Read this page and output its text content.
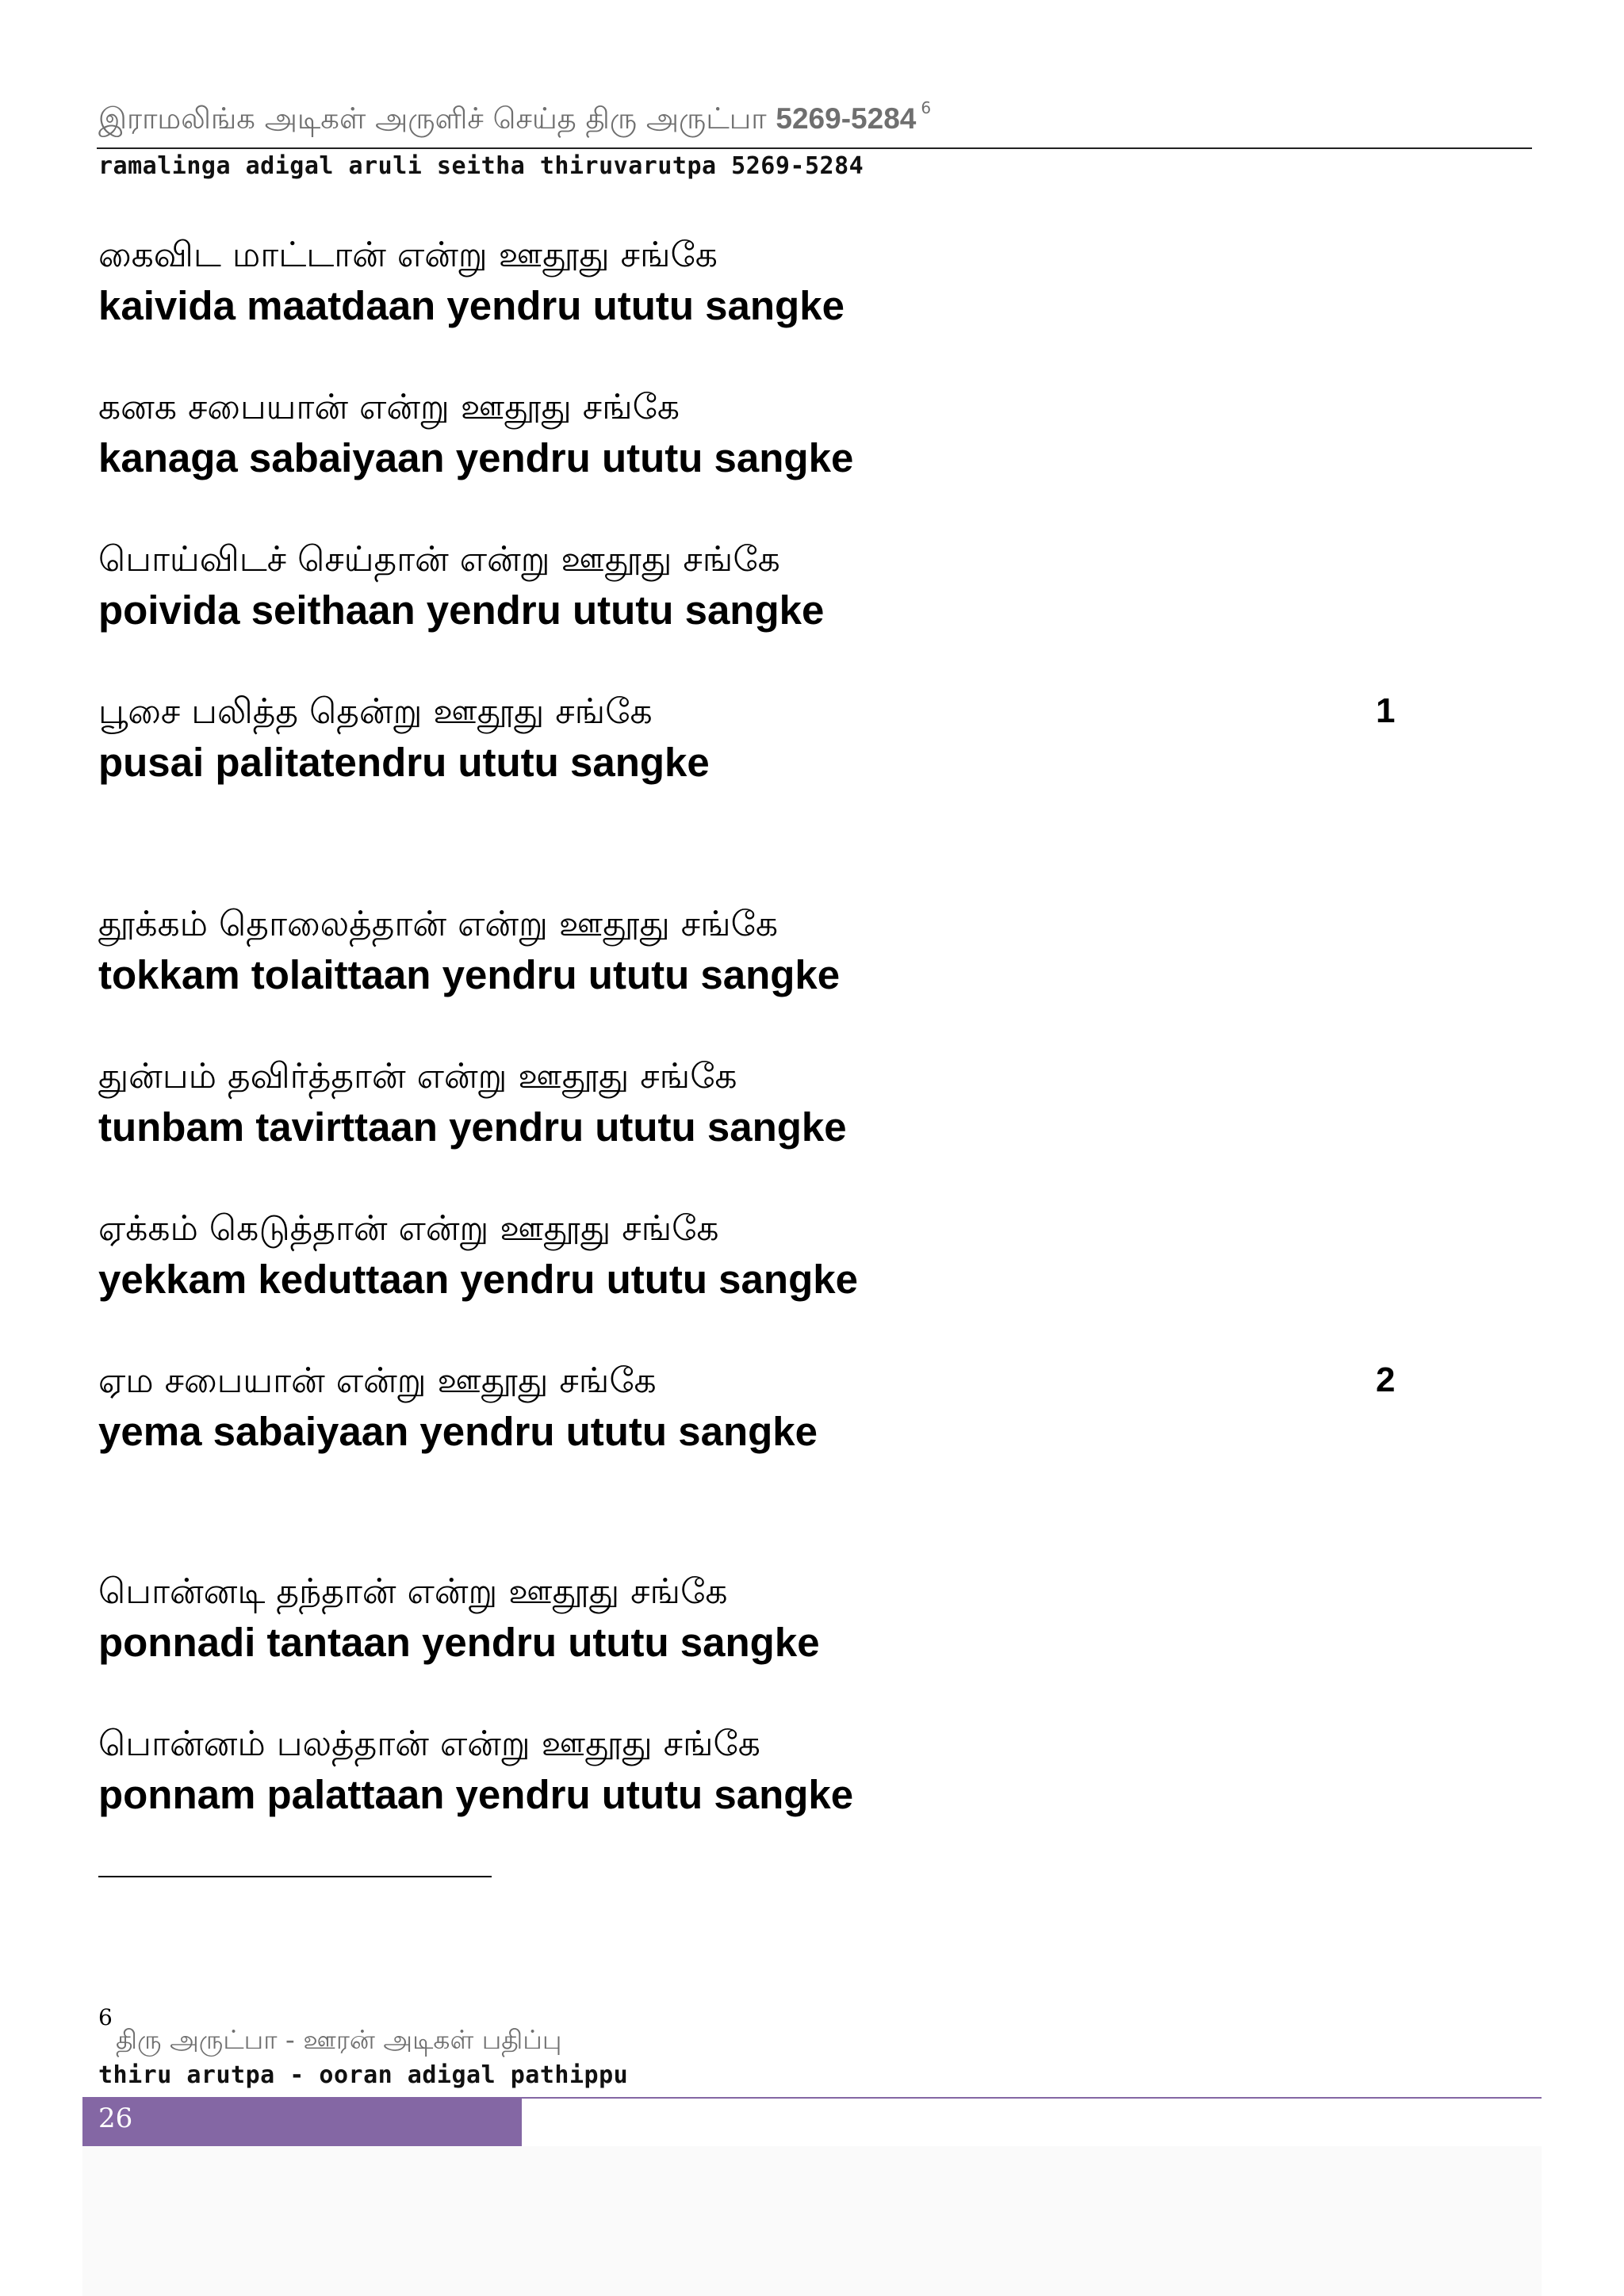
இராமலிங்க அடிகள் அருளிச் செய்த திரு அருட்பா 5269-5284 $^6$
ramalinga adigal aruli seitha thiruvarutpa 5269-5284
கைவிட மாட்டான் என்று ஊதூது சங்கே
kaivida maatdaan yendru ututu sangke
கனக சபையான் என்று ஊதூது சங்கே
kanaga sabaiyaan yendru ututu sangke
பொய்விடச் செய்தான் என்று ஊதூது சங்கே
poivida seithaan yendru ututu sangke
பூசை பலித்த தென்று ஊதூது சங்கே	1
pusai palitatendru ututu sangke
தூக்கம் தொலைத்தான் என்று ஊதூது சங்கே
tokkam tolaittaan yendru ututu sangke
துன்பம் தவிர்த்தான் என்று ஊதூது சங்கே
tunbam tavirttaan yendru ututu sangke
ஏக்கம் கெடுத்தான் என்று ஊதூது சங்கே
yekkam keduttaan yendru ututu sangke
ஏம சபையான் என்று ஊதூது சங்கே	2
yema sabaiyaan yendru ututu sangke
பொன்னடி தந்தான் என்று ஊதூது சங்கே
ponnadi tantaan yendru ututu sangke
பொன்னம் பலத்தான் என்று ஊதூது சங்கே
ponnam palattaan yendru ututu sangke
6
திரு அருட்பா - ஊரன் அடிகள் பதிப்பு
thiru arutpa - ooran adigal pathippu
26
